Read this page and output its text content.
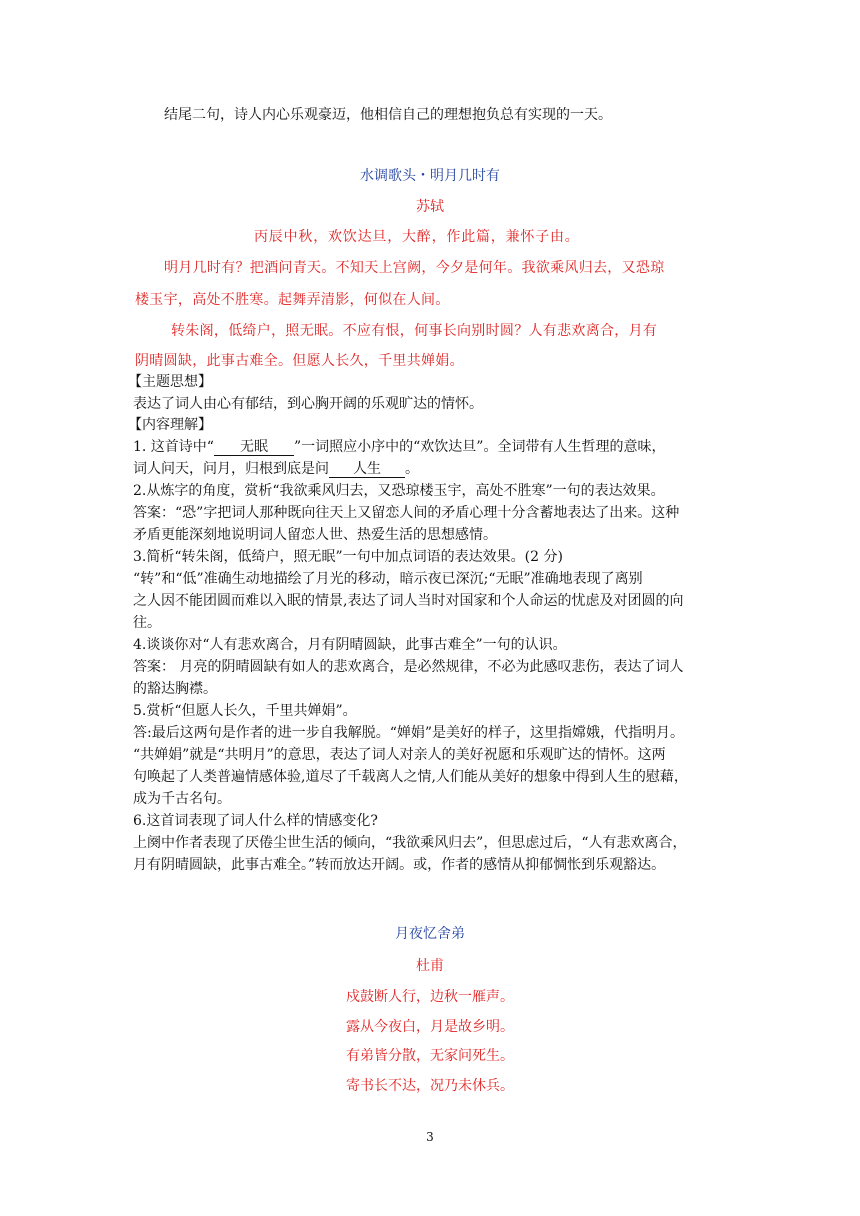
结尾二句，诗人内心乐观豪迈，他相信自己的理想抱负总有实现的一天。
水调歌头・明月几时有
苏轼
丙辰中秋，欢饮达旦，大醉，作此篇，兼怀子由。
明月几时有？把酒问青天。不知天上宫阙，今夕是何年。我欲乘风归去，又恐琼
楼玉宇，高处不胜寒。起舞弄清影，何似在人间。
转朱阁，低绮户，照无眠。不应有恨，何事长向别时圆？人有悲欢离合，月有
阴晴圆缺，此事古难全。但愿人长久，千里共婵娟。
【主题思想】
表达了词人由心有郁结，到心胸开阔的乐观旷达的情怀。
【内容理解】
1. 这首诗中“ 无眠 ”一词照应小序中的“欢饮达旦”。全词带有人生哲理的意味，
词人问天，问月，归根到底是问 人生 。
2.从炼字的角度，赏析“我欲乘风归去，又恐琼楼玉宇，高处不胜寒”一句的表达效果。
答案：“恐”字把词人那种既向往天上又留恋人间的矛盾心理十分含蓄地表达了出来。这种
矛盾更能深刻地说明词人留恋人世、热爱生活的思想感情。
3.简析“转朱阁，低绮户，照无眠”一句中加点词语的表达效果。(2 分)
“转”和“低”准确生动地描绘了月光的移动，暗示夜已深沉;“无眠”准确地表现了离别
之人因不能团圆而难以入眠的情景,表达了词人当时对国家和个人命运的忧虑及对团圆的向
往。
4.谈谈你对“人有悲欢离合，月有阴晴圆缺，此事古难全”一句的认识。
答案： 月亮的阴晴圆缺有如人的悲欢离合，是必然规律，不必为此感叹悲伤，表达了词人
的豁达胸襟。
5.赏析“但愿人长久，千里共婵娟”。
答:最后这两句是作者的进一步自我解脱。“婵娟”是美好的样子，这里指嫦娥，代指明月。
“共婵娟”就是“共明月”的意思，表达了词人对亲人的美好祝愿和乐观旷达的情怀。这两
句唤起了人类普遍情感体验,道尽了千载离人之情,人们能从美好的想象中得到人生的慰藉，
成为千古名句。
6.这首词表现了词人什么样的情感变化?
上阕中作者表现了厌倦尘世生活的倾向，“我欲乘风归去”，但思虑过后，“人有悲欢离合，
月有阴晴圆缺，此事古难全。”转而放达开阔。或，作者的感情从抑郁惆怅到乐观豁达。
月夜忆舍弟
杜甫
戍鼓断人行，边秋一雁声。
露从今夜白，月是故乡明。
有弟皆分散，无家问死生。
寄书长不达，况乃未休兵。
3
